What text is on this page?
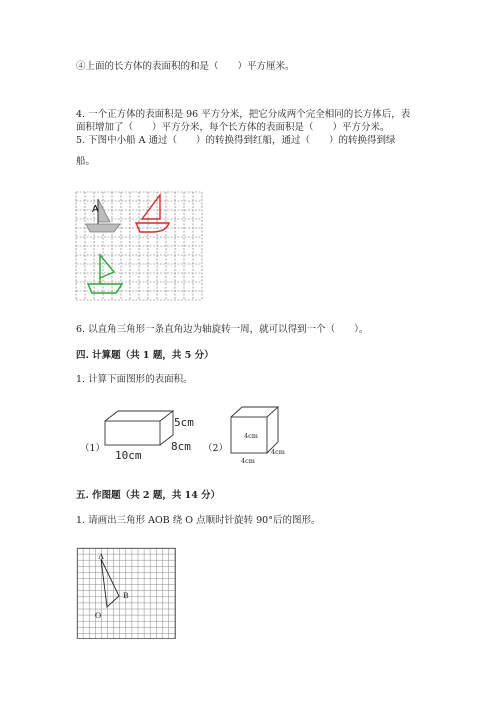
④上面的长方体的表面积的和是（　　）平方厘米。
4. 一个正方体的表面积是 96 平方分米，把它分成两个完全相同的长方体后，表
面积增加了（　　）平方分米，每个长方体的表面积是（　　）平方分米。
5. 下图中小船 A 通过（　　）的转换得到红船，通过（　　）的转换得到绿
船。
A
6. 以直角三角形一条直角边为轴旋转一周，就可以得到一个（　　）。
四. 计算题（共 1 题，共 5 分）
1. 计算下面图形的表面积。
（1）
5cm
8cm
10cm
（2）
4cm
4cm
4cm
五. 作图题（共 2 题，共 14 分）
1. 请画出三角形 AOB 绕 O 点顺时针旋转 90°后的图形。
A
B
O
